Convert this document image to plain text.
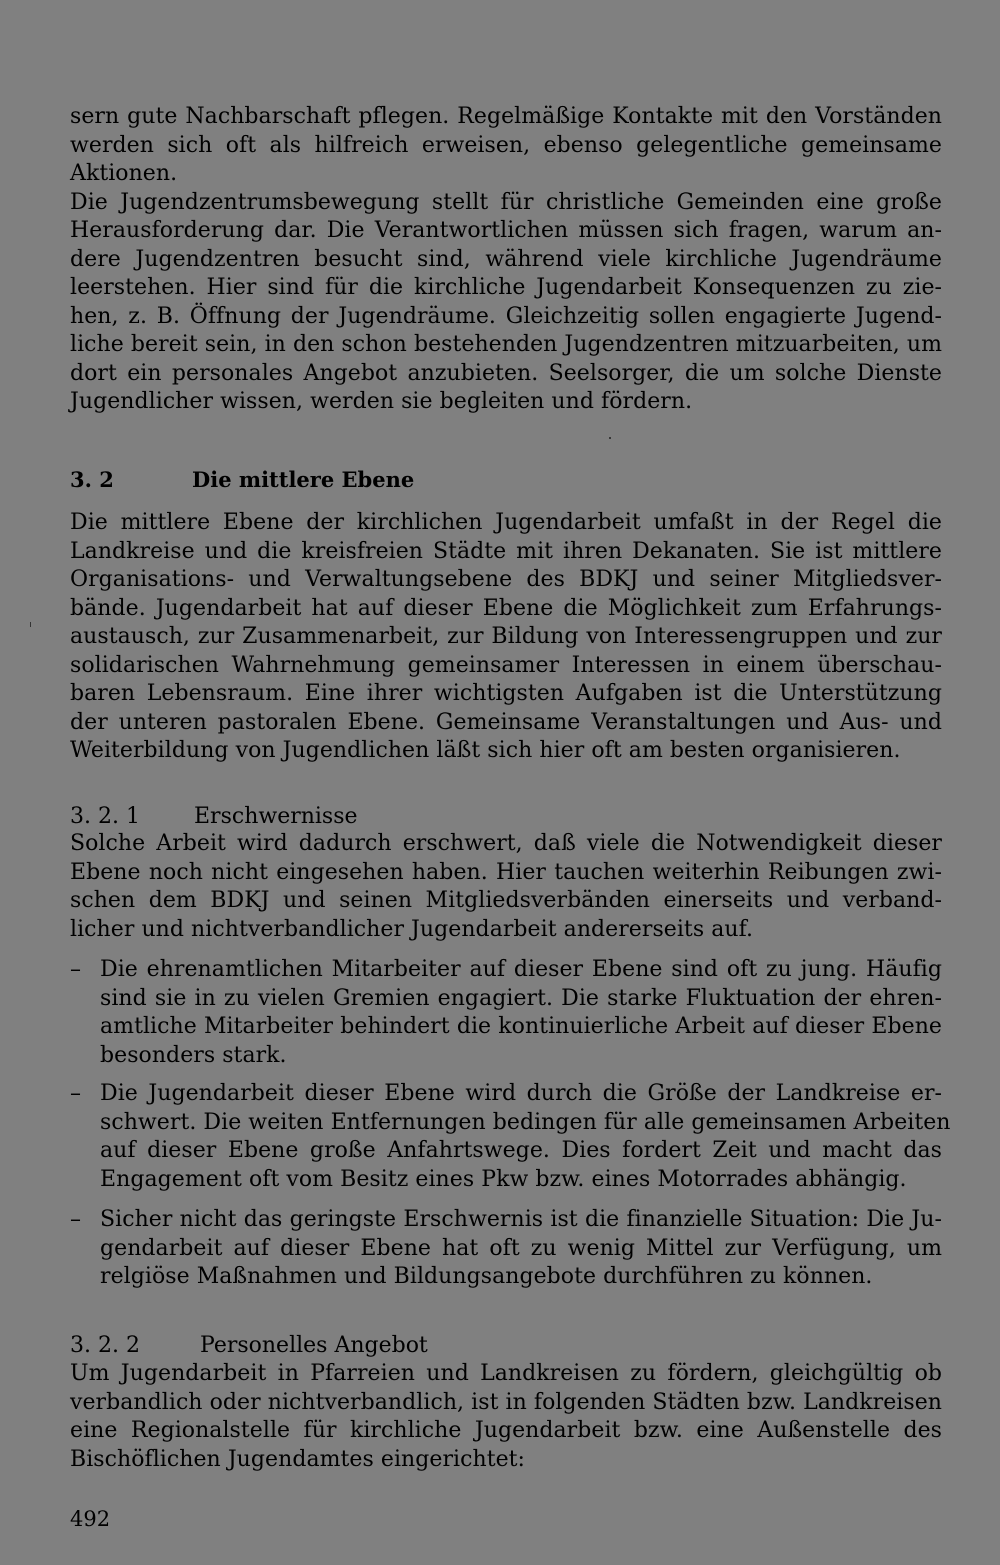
sern gute Nachbarschaft pflegen. Regelmäßige Kontakte mit den Vorständen
werden sich oft als hilfreich erweisen, ebenso gelegentliche gemeinsame
Aktionen.
Die Jugendzentrumsbewegung stellt für christliche Gemeinden eine große
Herausforderung dar. Die Verantwortlichen müssen sich fragen, warum an-
dere Jugendzentren besucht sind, während viele kirchliche Jugendräume
leerstehen. Hier sind für die kirchliche Jugendarbeit Konsequenzen zu zie-
hen, z. B. Öffnung der Jugendräume. Gleichzeitig sollen engagierte Jugend-
liche bereit sein, in den schon bestehenden Jugendzentren mitzuarbeiten, um
dort ein personales Angebot anzubieten. Seelsorger, die um solche Dienste
Jugendlicher wissen, werden sie begleiten und fördern.
3. 2	Die mittlere Ebene
Die mittlere Ebene der kirchlichen Jugendarbeit umfaßt in der Regel die
Landkreise und die kreisfreien Städte mit ihren Dekanaten. Sie ist mittlere
Organisations- und Verwaltungsebene des BDKJ und seiner Mitgliedsver-
bände. Jugendarbeit hat auf dieser Ebene die Möglichkeit zum Erfahrungs-
austausch, zur Zusammenarbeit, zur Bildung von Interessengruppen und zur
solidarischen Wahrnehmung gemeinsamer Interessen in einem überschau-
baren Lebensraum. Eine ihrer wichtigsten Aufgaben ist die Unterstützung
der unteren pastoralen Ebene. Gemeinsame Veranstaltungen und Aus- und
Weiterbildung von Jugendlichen läßt sich hier oft am besten organisieren.
3. 2. 1 Erschwernisse
Solche Arbeit wird dadurch erschwert, daß viele die Notwendigkeit dieser
Ebene noch nicht eingesehen haben. Hier tauchen weiterhin Reibungen zwi-
schen dem BDKJ und seinen Mitgliedsverbänden einerseits und verband-
licher und nichtverbandlicher Jugendarbeit andererseits auf.
– Die ehrenamtlichen Mitarbeiter auf dieser Ebene sind oft zu jung. Häufig
sind sie in zu vielen Gremien engagiert. Die starke Fluktuation der ehren-
amtliche Mitarbeiter behindert die kontinuierliche Arbeit auf dieser Ebene
besonders stark.
– Die Jugendarbeit dieser Ebene wird durch die Größe der Landkreise er-
schwert. Die weiten Entfernungen bedingen für alle gemeinsamen Arbeiten
auf dieser Ebene große Anfahrtswege. Dies fordert Zeit und macht das
Engagement oft vom Besitz eines Pkw bzw. eines Motorrades abhängig.
– Sicher nicht das geringste Erschwernis ist die finanzielle Situation: Die Ju-
gendarbeit auf dieser Ebene hat oft zu wenig Mittel zur Verfügung, um
relgiöse Maßnahmen und Bildungsangebote durchführen zu können.
3. 2. 2	Personelles Angebot
Um Jugendarbeit in Pfarreien und Landkreisen zu fördern, gleichgültig ob
verbandlich oder nichtverbandlich, ist in folgenden Städten bzw. Landkreisen
eine Regionalstelle für kirchliche Jugendarbeit bzw. eine Außenstelle des
Bischöflichen Jugendamtes eingerichtet:
492
